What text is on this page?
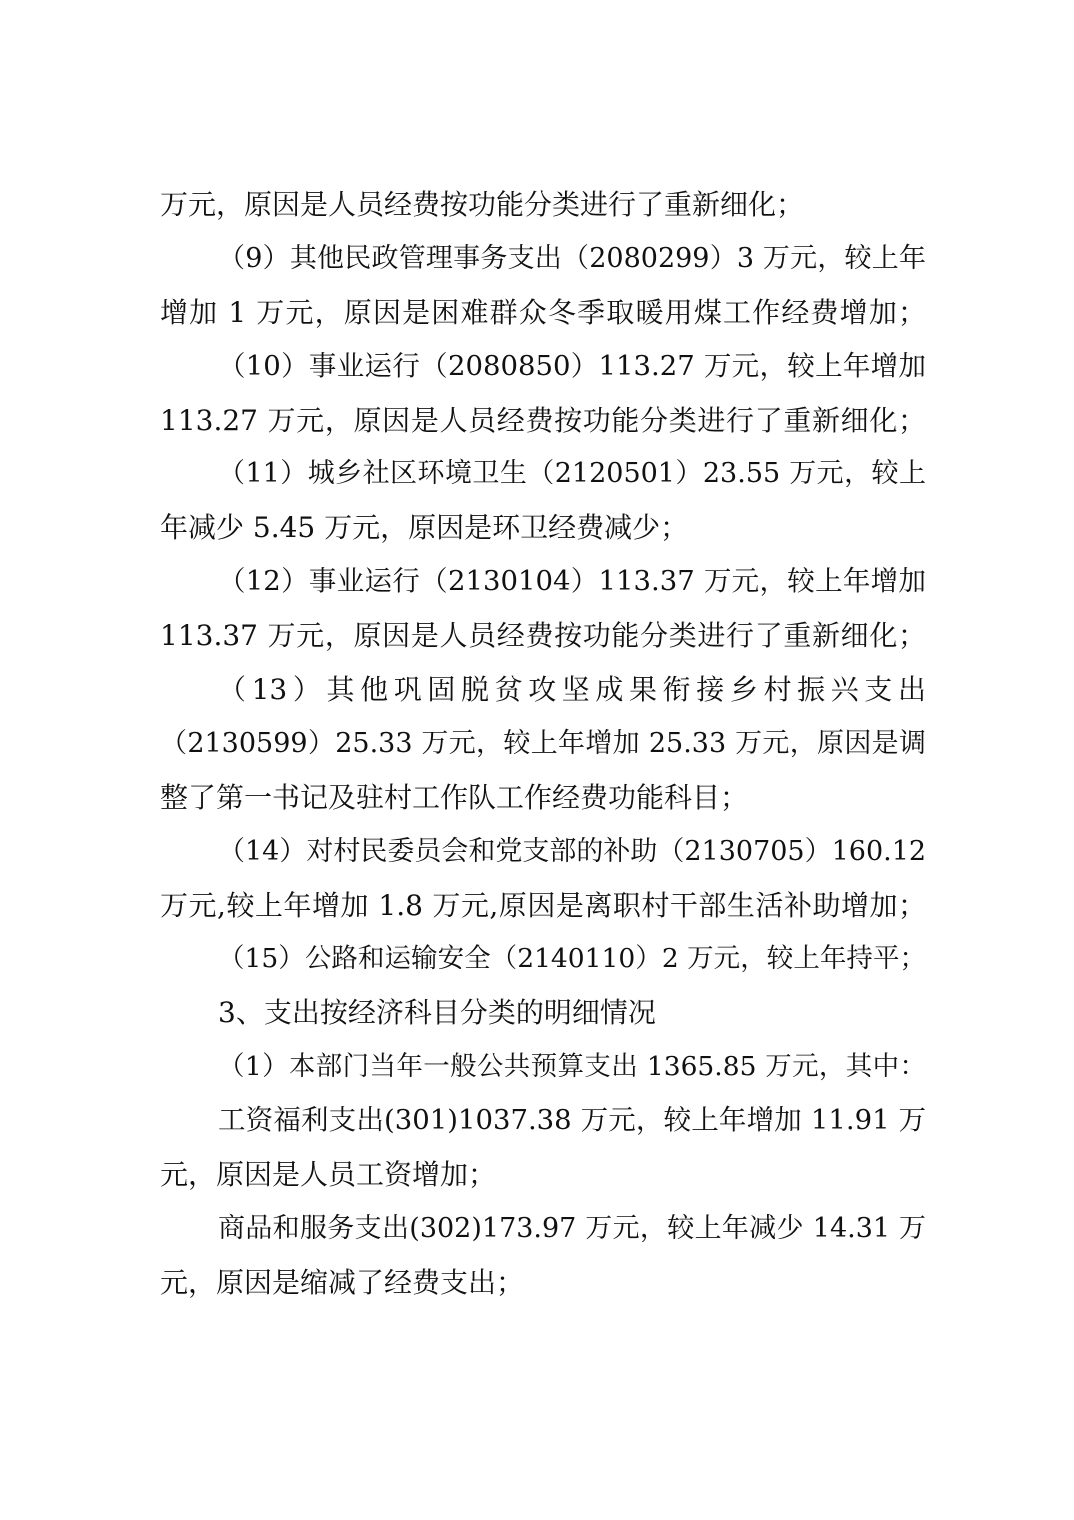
万元，原因是人员经费按功能分类进行了重新细化；
（9）其他民政管理事务支出（2080299）3 万元，较上年
增加 1 万元，原因是困难群众冬季取暖用煤工作经费增加；
（10）事业运行（2080850）113.27 万元，较上年增加
113.27 万元，原因是人员经费按功能分类进行了重新细化；
（11）城乡社区环境卫生（2120501）23.55 万元，较上
年减少 5.45 万元，原因是环卫经费减少；
（12）事业运行（2130104）113.37 万元，较上年增加
113.37 万元，原因是人员经费按功能分类进行了重新细化；
（13）其他巩固脱贫攻坚成果衔接乡村振兴支出
（2130599）25.33 万元，较上年增加 25.33 万元，原因是调
整了第一书记及驻村工作队工作经费功能科目；
（14）对村民委员会和党支部的补助（2130705）160.12
万元,较上年增加 1.8 万元,原因是离职村干部生活补助增加；
（15）公路和运输安全（2140110）2 万元，较上年持平；
3、支出按经济科目分类的明细情况
（1）本部门当年一般公共预算支出 1365.85 万元，其中：
工资福利支出(301)1037.38 万元，较上年增加 11.91 万
元，原因是人员工资增加；
商品和服务支出(302)173.97 万元，较上年减少 14.31 万
元，原因是缩减了经费支出；
